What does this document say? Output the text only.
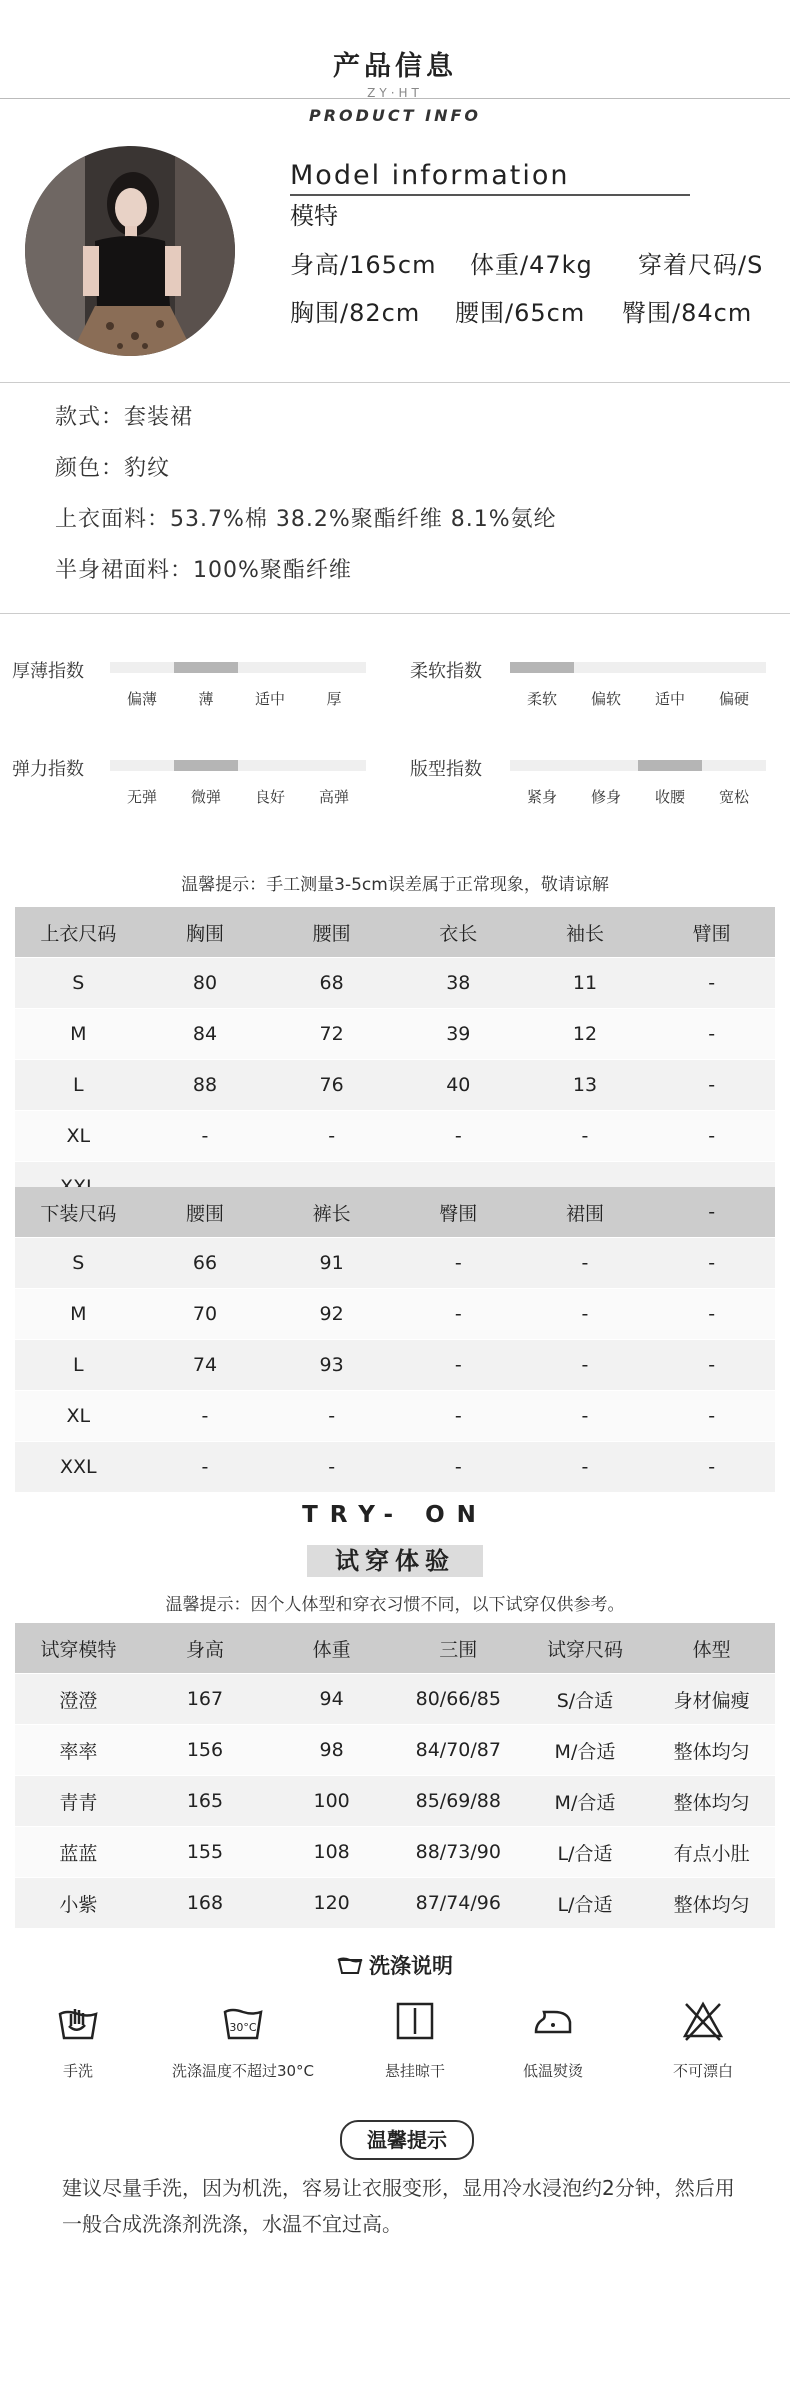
产品信息
ZY·HT
PRODUCT INFO
Model information
模特
身高/165cm 体重/47kg 穿着尺码/S
胸围/82cm 腰围/65cm 臀围/84cm
款式：套装裙
颜色：豹纹
上衣面料：53.7%棉 38.2%聚酯纤维 8.1%氨纶
半身裙面料：100%聚酯纤维
厚薄指数
偏薄	薄	适中	厚
柔软指数
柔软	偏软	适中	偏硬
弹力指数
无弹	微弹	良好	高弹
版型指数
紧身	修身	收腰	宽松
温馨提示：手工测量3-5cm误差属于正常现象，敬请谅解
上衣尺码	胸围	腰围	衣长	袖长	臂围
S	80	68	38	11	-
M	84	72	39	12	-
L	88	76	40	13	-
XL	-	-	-	-	-

下装尺码	腰围	裤长	臀围	裙围	-
S	66	91	-	-	-
M	70	92	-	-	-
L	74	93	-	-	-
XL	-	-	-	-	-
XXL	-	-	-	-	-
TRY- ON
试穿体验
温馨提示：因个人体型和穿衣习惯不同，以下试穿仅供参考。
试穿模特	身高	体重	三围	试穿尺码	体型
澄澄	167	94	80/66/85	S/合适	身材偏瘦
率率	156	98	84/70/87	M/合适	整体均匀
青青	165	100	85/69/88	M/合适	整体均匀
蓝蓝	155	108	88/73/90	L/合适	有点小肚
小紫	168	120	87/74/96	L/合适	整体均匀
洗涤说明
手洗
30°C
洗涤温度不超过30°C	悬挂晾干	低温熨烫	不可漂白
温馨提示
建议尽量手洗，因为机洗，容易让衣服变形，显用冷水浸泡约2分钟，然后用一般合成洗涤剂洗涤，水温不宜过高。
